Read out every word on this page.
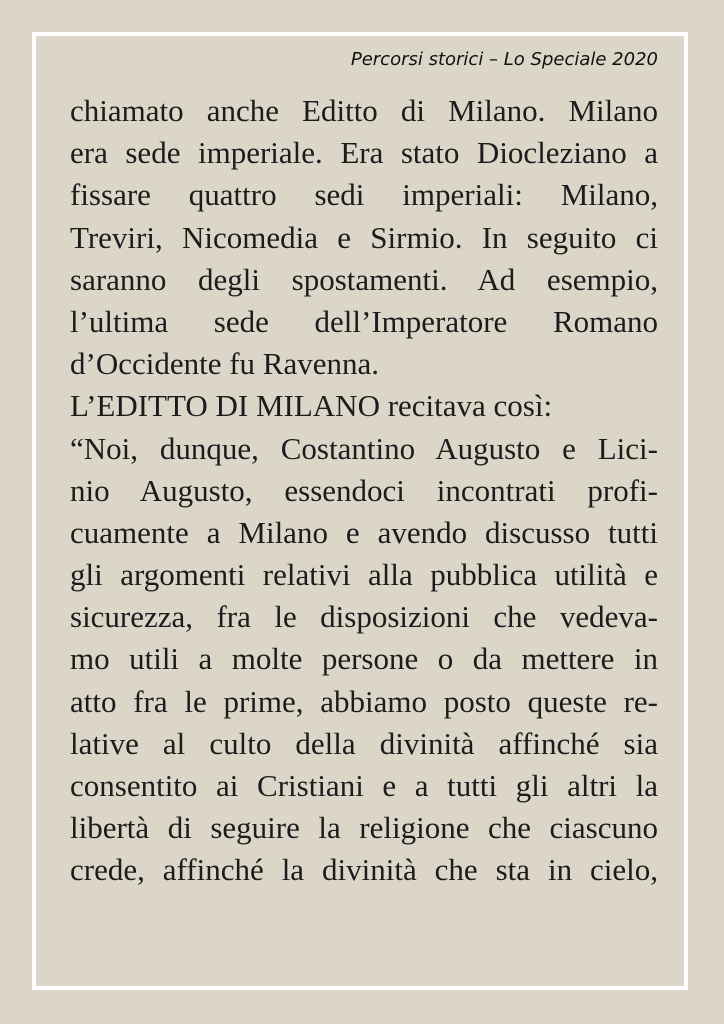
Percorsi storici – Lo Speciale 2020
chiamato anche Editto di Milano. Milano
era sede imperiale. Era stato Diocleziano a
fissare quattro sedi imperiali: Milano,
Treviri, Nicomedia e Sirmio. In seguito ci
saranno degli spostamenti. Ad esempio,
l’ultima sede dell’Imperatore Romano
d’Occidente fu Ravenna.
L’EDITTO DI MILANO recitava così:
“Noi, dunque, Costantino Augusto e Lici-
nio Augusto, essendoci incontrati profi-
cuamente a Milano e avendo discusso tutti
gli argomenti relativi alla pubblica utilità e
sicurezza, fra le disposizioni che vedeva-
mo utili a molte persone o da mettere in
atto fra le prime, abbiamo posto queste re-
lative al culto della divinità affinché sia
consentito ai Cristiani e a tutti gli altri la
libertà di seguire la religione che ciascuno
crede, affinché la divinità che sta in cielo,
